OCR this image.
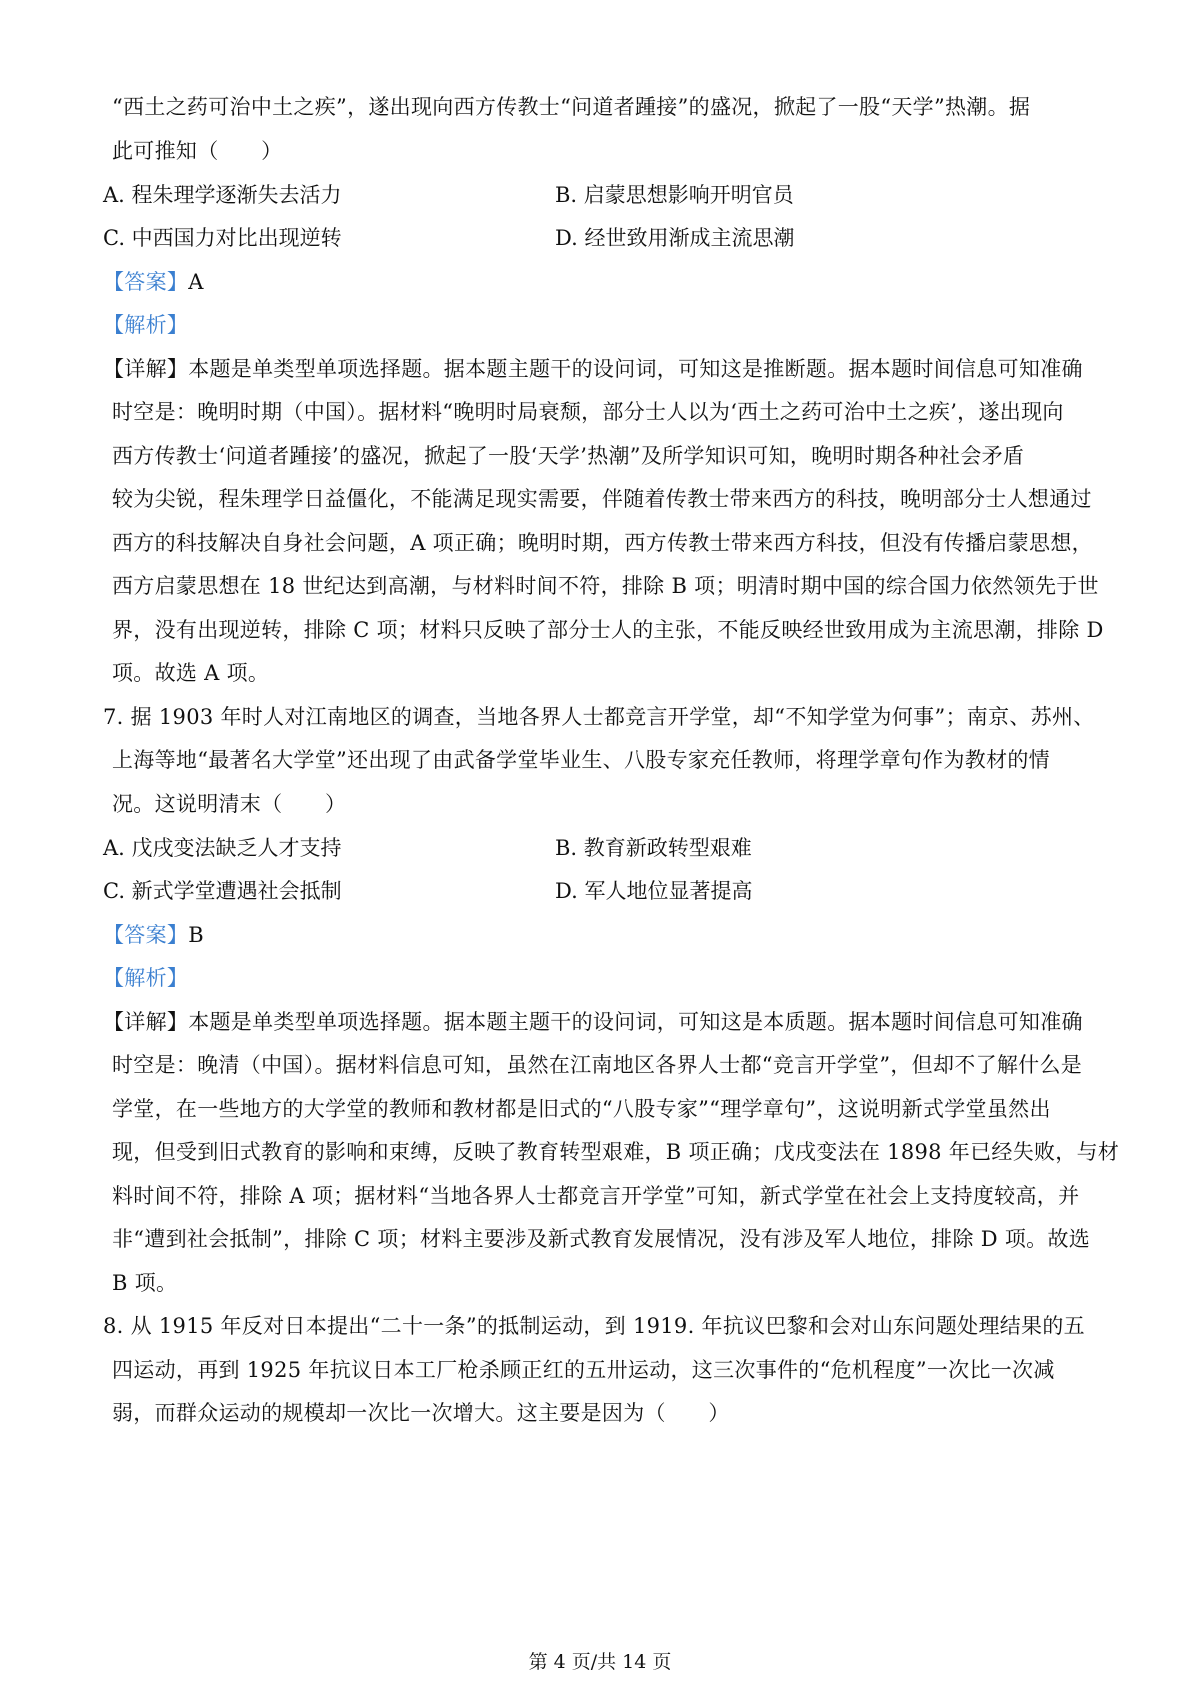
“西土之药可治中土之疾”，遂出现向西方传教士“问道者踵接”的盛况，掀起了一股“天学”热潮。据
此可推知（　　）
A. 程朱理学逐渐失去活力	B. 启蒙思想影响开明官员
C. 中西国力对比出现逆转	D. 经世致用渐成主流思潮
【答案】A
【解析】
【详解】本题是单类型单项选择题。据本题主题干的设问词，可知这是推断题。据本题时间信息可知准确
时空是：晚明时期（中国）。据材料“晚明时局衰颓，部分士人以为‘西土之药可治中土之疾’，遂出现向
西方传教士‘问道者踵接’的盛况，掀起了一股‘天学’热潮”及所学知识可知，晚明时期各种社会矛盾
较为尖锐，程朱理学日益僵化，不能满足现实需要，伴随着传教士带来西方的科技，晚明部分士人想通过
西方的科技解决自身社会问题，A 项正确；晚明时期，西方传教士带来西方科技，但没有传播启蒙思想，
西方启蒙思想在 18 世纪达到高潮，与材料时间不符，排除 B 项；明清时期中国的综合国力依然领先于世
界，没有出现逆转，排除 C 项；材料只反映了部分士人的主张，不能反映经世致用成为主流思潮，排除 D
项。故选 A 项。
7. 据 1903 年时人对江南地区的调查，当地各界人士都竞言开学堂，却“不知学堂为何事”；南京、苏州、
上海等地“最著名大学堂”还出现了由武备学堂毕业生、八股专家充任教师，将理学章句作为教材的情
况。这说明清末（　　）
A. 戊戌变法缺乏人才支持	B. 教育新政转型艰难
C. 新式学堂遭遇社会抵制	D. 军人地位显著提高
【答案】B
【解析】
【详解】本题是单类型单项选择题。据本题主题干的设问词，可知这是本质题。据本题时间信息可知准确
时空是：晚清（中国）。据材料信息可知，虽然在江南地区各界人士都“竞言开学堂”，但却不了解什么是
学堂，在一些地方的大学堂的教师和教材都是旧式的“八股专家”“理学章句”，这说明新式学堂虽然出
现，但受到旧式教育的影响和束缚，反映了教育转型艰难，B 项正确；戊戌变法在 1898 年已经失败，与材
料时间不符，排除 A 项；据材料“当地各界人士都竞言开学堂”可知，新式学堂在社会上支持度较高，并
非“遭到社会抵制”，排除 C 项；材料主要涉及新式教育发展情况，没有涉及军人地位，排除 D 项。故选
B 项。
8. 从 1915 年反对日本提出“二十一条”的抵制运动，到 1919. 年抗议巴黎和会对山东问题处理结果的五
四运动，再到 1925 年抗议日本工厂枪杀顾正红的五卅运动，这三次事件的“危机程度”一次比一次减
弱，而群众运动的规模却一次比一次增大。这主要是因为（　　）
第 4 页/共 14 页
